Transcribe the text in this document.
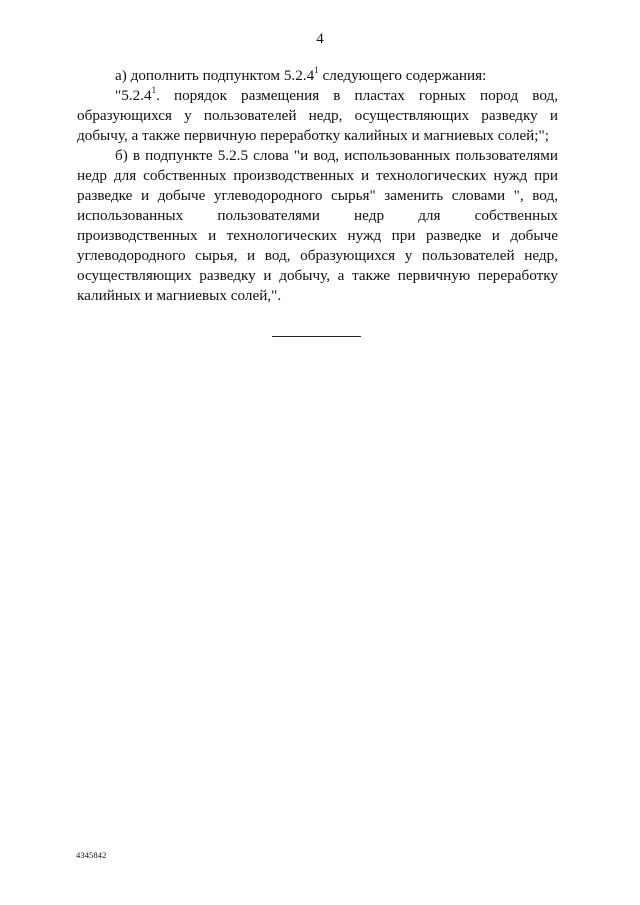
4

а) дополнить подпунктом 5.2.4$^1$ следующего содержания:

"5.2.4$^1$. порядок размещения в пластах горных пород вод, образующихся у пользователей недр, осуществляющих разведку и добычу, а также первичную переработку калийных и магниевых солей;";

б) в подпункте 5.2.5 слова "и вод, использованных пользователями недр для собственных производственных и технологических нужд при разведке и добыче углеводородного сырья" заменить словами ", вод, использованных пользователями недр для собственных производственных и технологических нужд при разведке и добыче углеводородного сырья, и вод, образующихся у пользователей недр, осуществляющих разведку и добычу, а также первичную переработку калийных и магниевых солей,".

4345842
